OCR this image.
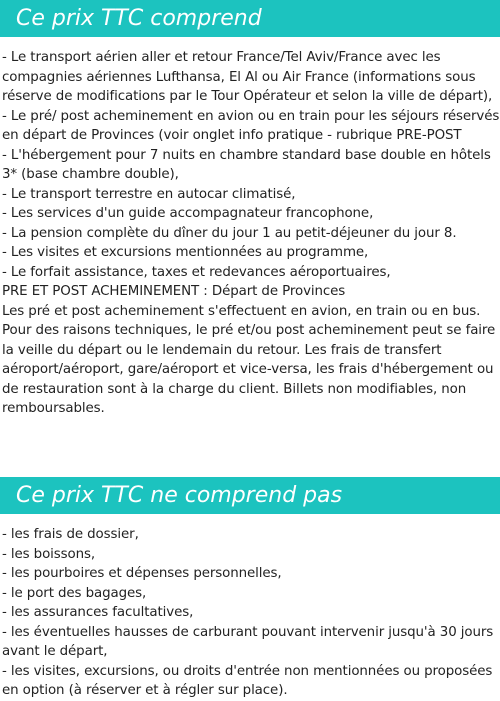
Ce prix TTC comprend

- Le transport aérien aller et retour France/Tel Aviv/France avec les compagnies aériennes Lufthansa, El Al ou Air France (informations sous réserve de modifications par le Tour Opérateur et selon la ville de départ),

- Le pré/ post acheminement en avion ou en train pour les séjours réservés en départ de Provinces (voir onglet info pratique - rubrique PRE-POST

- L'hébergement pour 7 nuits en chambre standard base double en hôtels 3* (base chambre double),

- Le transport terrestre en autocar climatisé,

- Les services d'un guide accompagnateur francophone,

- La pension complète du dîner du jour 1 au petit-déjeuner du jour 8.

- Les visites et excursions mentionnées au programme,

- Le forfait assistance, taxes et redevances aéroportuaires,

PRE ET POST ACHEMINEMENT : Départ de Provinces

Les pré et post acheminement s'effectuent en avion, en train ou en bus. Pour des raisons techniques, le pré et/ou post acheminement peut se faire la veille du départ ou le lendemain du retour. Les frais de transfert aéroport/aéroport, gare/aéroport et vice-versa, les frais d'hébergement ou de restauration sont à la charge du client. Billets non modifiables, non remboursables.

Ce prix TTC ne comprend pas

- les frais de dossier,

- les boissons,

- les pourboires et dépenses personnelles,

- le port des bagages,

- les assurances facultatives,

- les éventuelles hausses de carburant pouvant intervenir jusqu'à 30 jours avant le départ,

- les visites, excursions, ou droits d'entrée non mentionnées ou proposées en option (à réserver et à régler sur place).
